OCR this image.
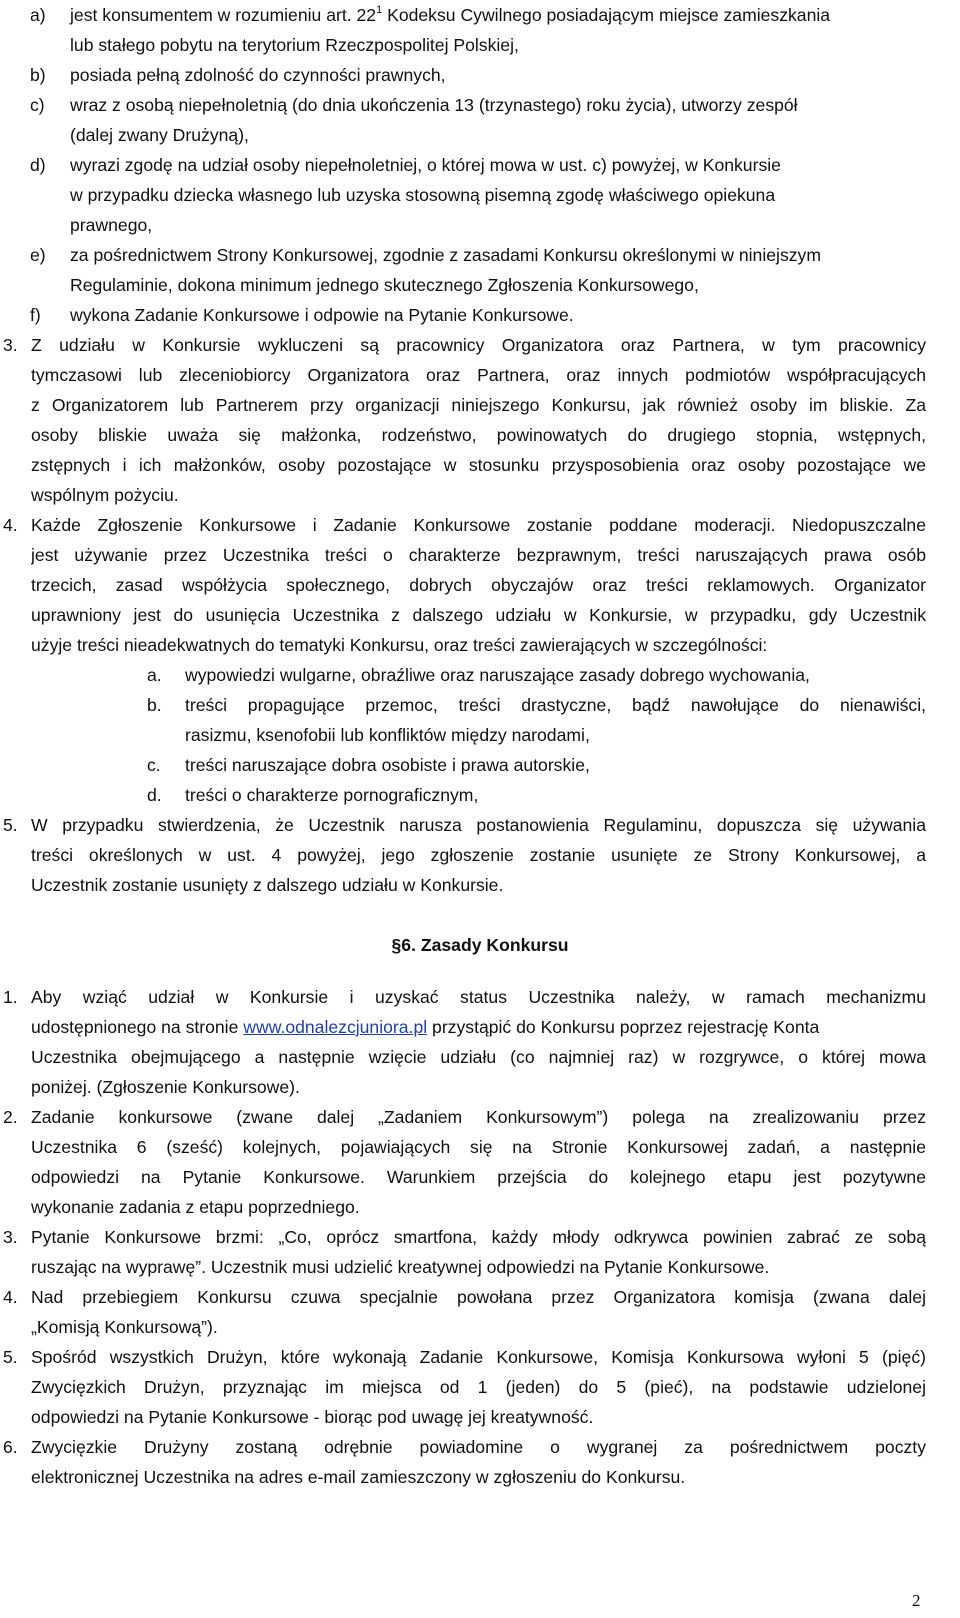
a) jest konsumentem w rozumieniu art. $22^1$ Kodeksu Cywilnego posiadającym miejsce zamieszkania
lub stałego pobytu na terytorium Rzeczpospolitej Polskiej,
b) posiada pełną zdolność do czynności prawnych,
c) wraz z osobą niepełnoletnią (do dnia ukończenia 13 (trzynastego) roku życia), utworzy zespół
(dalej zwany Drużyną),
d) wyrazi zgodę na udział osoby niepełnoletniej, o której mowa w ust. c) powyżej, w Konkursie
w przypadku dziecka własnego lub uzyska stosowną pisemną zgodę właściwego opiekuna
prawnego,
e) za pośrednictwem Strony Konkursowej, zgodnie z zasadami Konkursu określonymi w niniejszym
Regulaminie, dokona minimum jednego skutecznego Zgłoszenia Konkursowego,
f) wykona Zadanie Konkursowe i odpowie na Pytanie Konkursowe.
3. Z udziału w Konkursie wykluczeni są pracownicy Organizatora oraz Partnera, w tym pracownicy
tymczasowi lub zleceniobiorcy Organizatora oraz Partnera, oraz innych podmiotów współpracujących
z Organizatorem lub Partnerem przy organizacji niniejszego Konkursu, jak również osoby im bliskie. Za
osoby bliskie uważa się małżonka, rodzeństwo, powinowatych do drugiego stopnia, wstępnych,
zstępnych i ich małżonków, osoby pozostające w stosunku przysposobienia oraz osoby pozostające we
wspólnym pożyciu.
4. Każde Zgłoszenie Konkursowe i Zadanie Konkursowe zostanie poddane moderacji. Niedopuszczalne
jest używanie przez Uczestnika treści o charakterze bezprawnym, treści naruszających prawa osób
trzecich, zasad współżycia społecznego, dobrych obyczajów oraz treści reklamowych. Organizator
uprawniony jest do usunięcia Uczestnika z dalszego udziału w Konkursie, w przypadku, gdy Uczestnik
użyje treści nieadekwatnych do tematyki Konkursu, oraz treści zawierających w szczególności:
a. wypowiedzi wulgarne, obraźliwe oraz naruszające zasady dobrego wychowania,
b. treści propagujące przemoc, treści drastyczne, bądź nawołujące do nienawiści,
rasizmu, ksenofobii lub konfliktów między narodami,
c. treści naruszające dobra osobiste i prawa autorskie,
d. treści o charakterze pornograficznym,
5. W przypadku stwierdzenia, że Uczestnik narusza postanowienia Regulaminu, dopuszcza się używania
treści określonych w ust. 4 powyżej, jego zgłoszenie zostanie usunięte ze Strony Konkursowej, a
Uczestnik zostanie usunięty z dalszego udziału w Konkursie.
§6. Zasady Konkursu
1. Aby wziąć udział w Konkursie i uzyskać status Uczestnika należy, w ramach mechanizmu
udostępnionego na stronie www.odnalezcjuniora.pl przystąpić do Konkursu poprzez rejestrację Konta
Uczestnika obejmującego a następnie wzięcie udziału (co najmniej raz) w rozgrywce, o której mowa
poniżej. (Zgłoszenie Konkursowe).
2. Zadanie konkursowe (zwane dalej „Zadaniem Konkursowym”) polega na zrealizowaniu przez
Uczestnika 6 (sześć) kolejnych, pojawiających się na Stronie Konkursowej zadań, a następnie
odpowiedzi na Pytanie Konkursowe. Warunkiem przejścia do kolejnego etapu jest pozytywne
wykonanie zadania z etapu poprzedniego.
3. Pytanie Konkursowe brzmi: „Co, oprócz smartfona, każdy młody odkrywca powinien zabrać ze sobą
ruszając na wyprawę”. Uczestnik musi udzielić kreatywnej odpowiedzi na Pytanie Konkursowe.
4. Nad przebiegiem Konkursu czuwa specjalnie powołana przez Organizatora komisja (zwana dalej
„Komisją Konkursową”).
5. Spośród wszystkich Drużyn, które wykonają Zadanie Konkursowe, Komisja Konkursowa wyłoni 5 (pięć)
Zwycięzkich Drużyn, przyznając im miejsca od 1 (jeden) do 5 (pieć), na podstawie udzielonej
odpowiedzi na Pytanie Konkursowe - biorąc pod uwagę jej kreatywność.
6. Zwycięzkie Drużyny zostaną odrębnie powiadomine o wygranej za pośrednictwem poczty
elektronicznej Uczestnika na adres e-mail zamieszczony w zgłoszeniu do Konkursu.
2
